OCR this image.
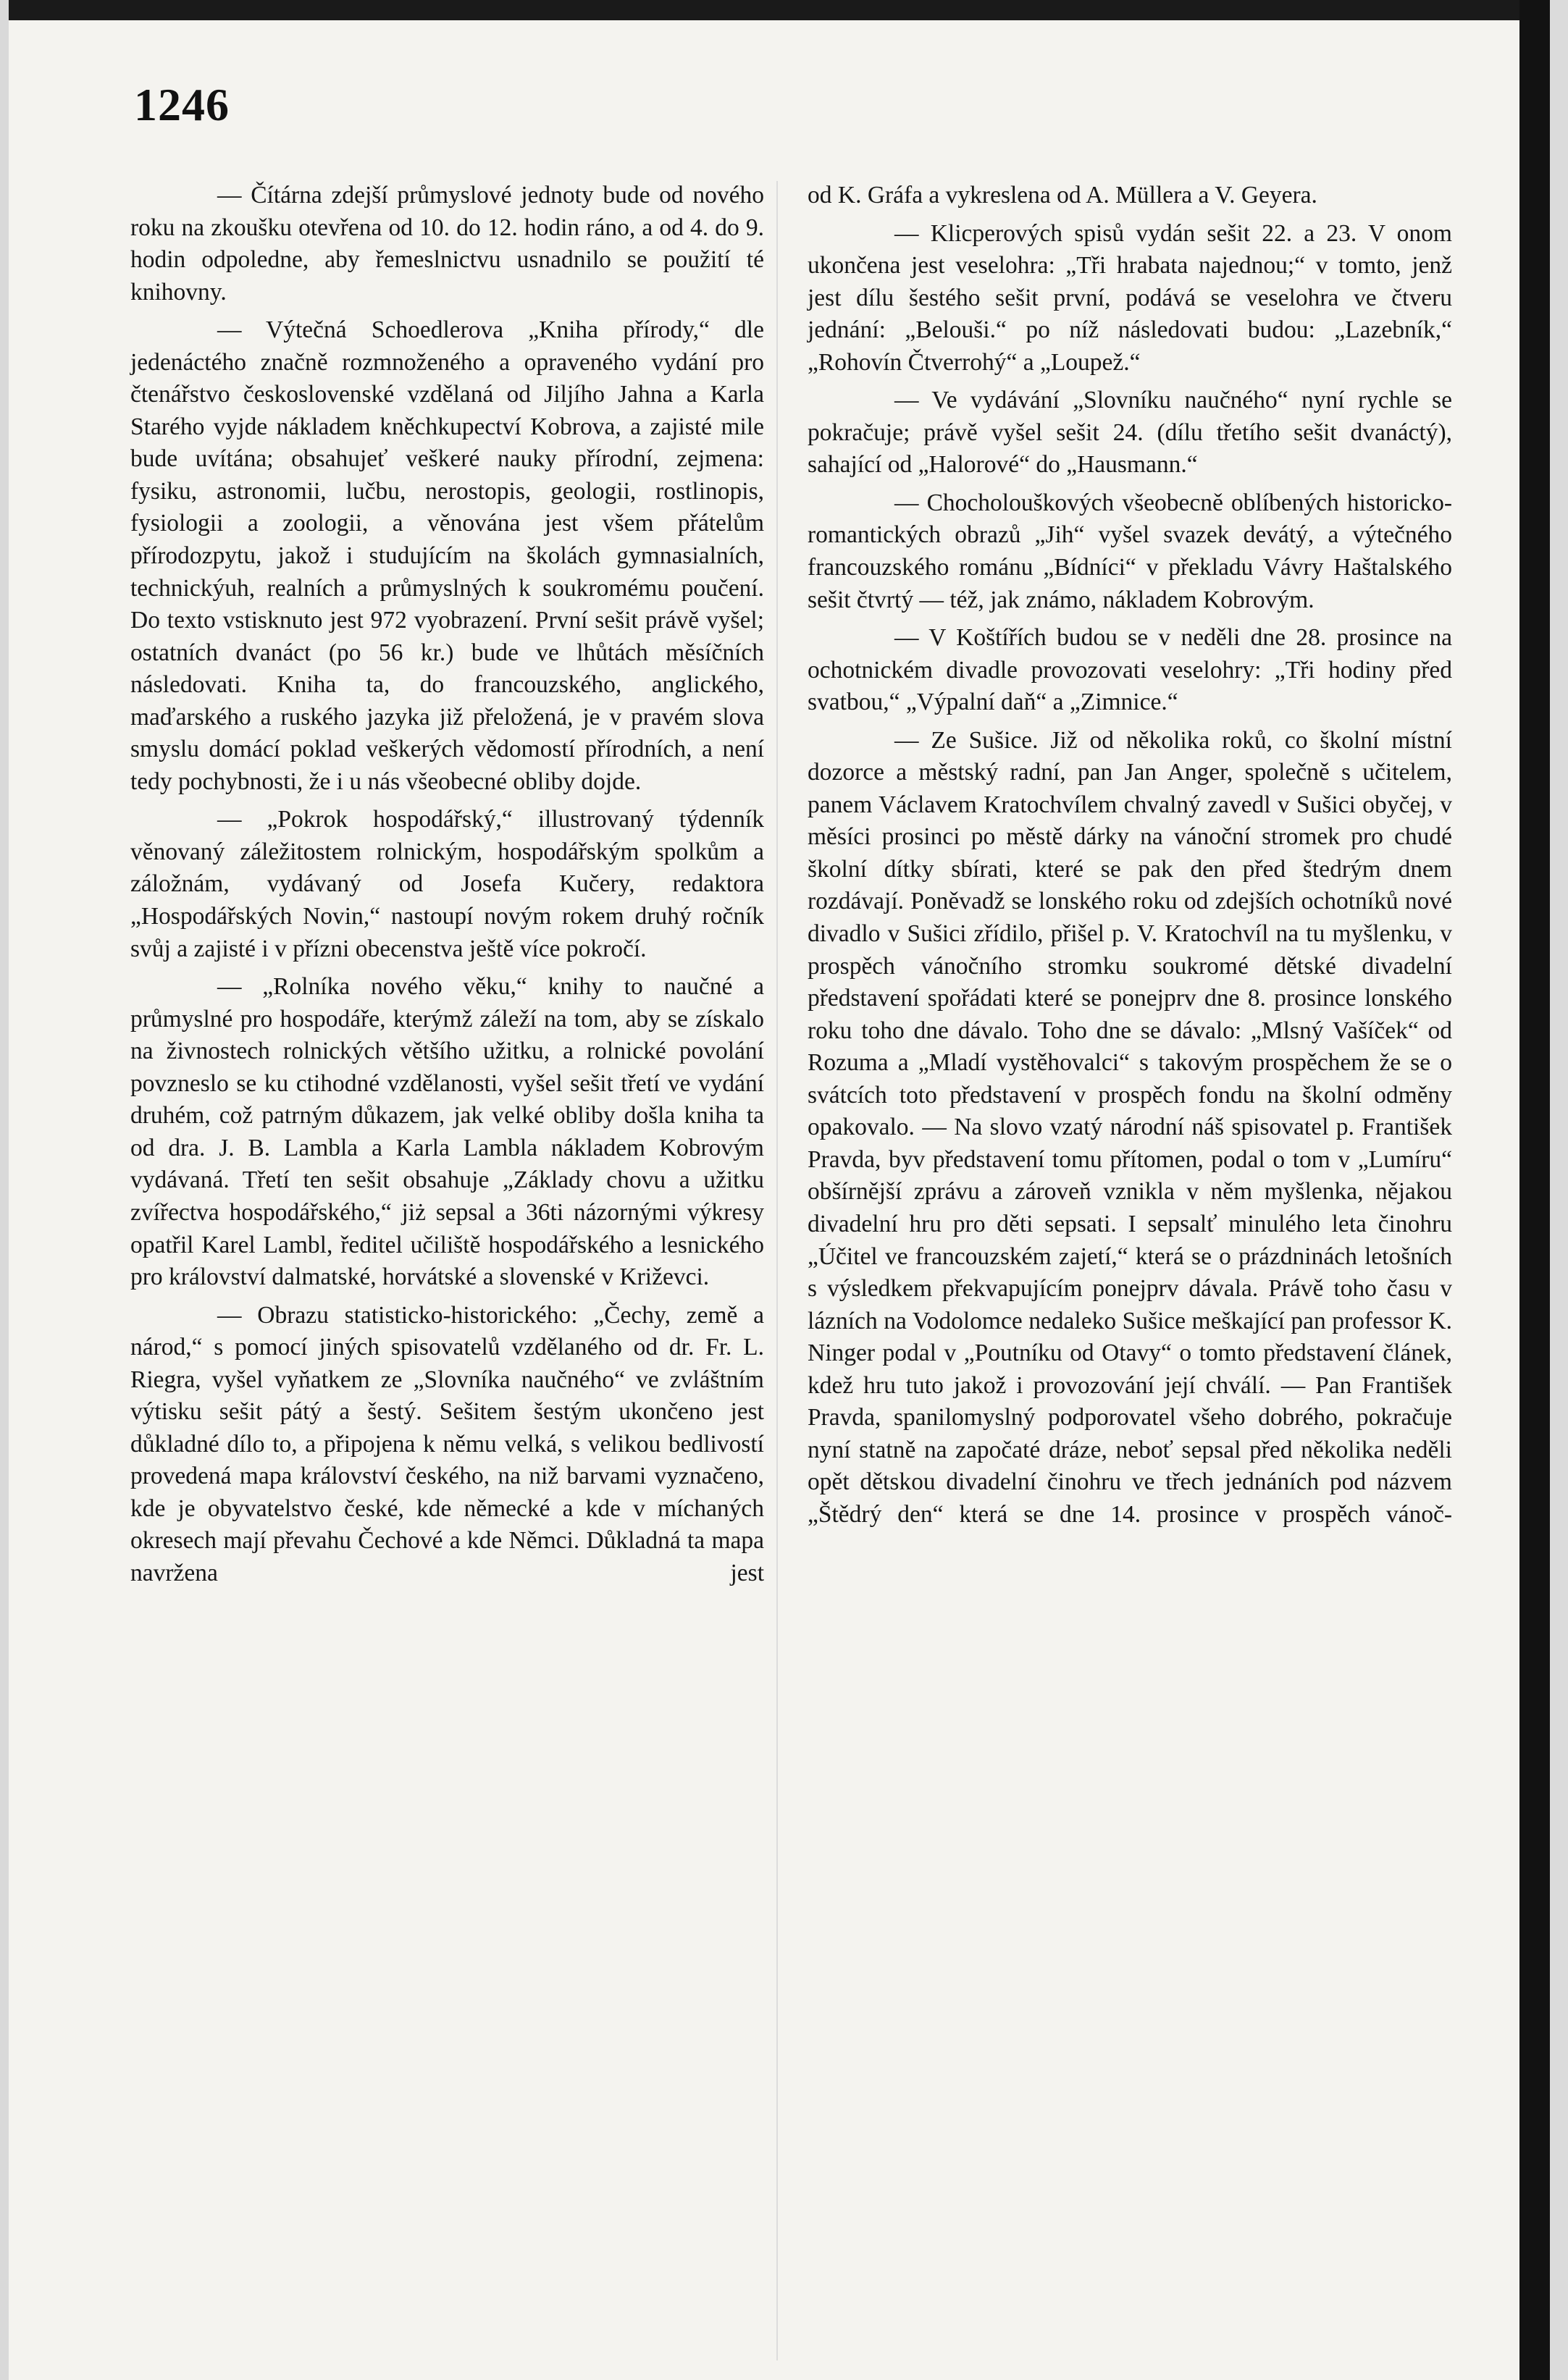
1246

— Čítárna zdejší průmyslové jednoty bude od nového roku na zkoušku otevřena od 10. do 12. hodin ráno, a od 4. do 9. hodin odpoledne, aby řemeslnictvu usnadnilo se použití té knihovny.

— Výtečná Schoedlerova „Kniha přírody,“ dle jedenáctého značně rozmnoženého a opraveného vydání pro čtenářstvo československé vzdělaná od Jiljího Jahna a Karla Starého vyjde nákladem kněchkupectví Kobrova, a zajisté mile bude uvítána; obsahujeť veškeré nauky přírodní, zejmena: fysiku, astronomii, lučbu, nerostopis, geologii, rostlinopis, fysiologii a zoologii, a věnována jest všem přátelům přírodozpytu, jakož i studujícím na školách gymnasialních, technickýuh, realních a průmyslných k soukromému poučení. Do texto vstisknuto jest 972 vyobrazení. První sešit právě vyšel; ostatních dvanáct (po 56 kr.) bude ve lhůtách měsíčních následovati. Kniha ta, do francouzského, anglického, maďarského a ruského jazyka již přeložená, je v pravém slova smyslu domácí poklad veškerých vědomostí přírodních, a není tedy pochybnosti, že i u nás všeobecné obliby dojde.

— „Pokrok hospodářský,“ illustrovaný týdenník věnovaný záležitostem rolnickým, hospodářským spolkům a záložnám, vydávaný od Josefa Kučery, redaktora „Hospodářských Novin,“ nastoupí novým rokem druhý ročník svůj a zajisté i v přízni obecenstva ještě více pokročí.

— „Rolníka nového věku,“ knihy to naučné a průmyslné pro hospodáře, kterýmž záleží na tom, aby se získalo na živnostech rolnických většího užitku, a rolnické povolání povzneslo se ku ctihodné vzdělanosti, vyšel sešit třetí ve vydání druhém, což patrným důkazem, jak velké obliby došla kniha ta od dra. J. B. Lambla a Karla Lambla nákladem Kobrovým vydávaná. Třetí ten sešit obsahuje „Základy chovu a užitku zvířectva hospodářského,“ jiż sepsal a 36ti názornými výkresy opatřil Karel Lambl, ředitel učiliště hospodářského a lesnického pro království dalmatské, horvátské a slovenské v Križevci.

— Obrazu statisticko-historického: „Čechy, země a národ,“ s pomocí jiných spisovatelů vzdělaného od dr. Fr. L. Riegra, vyšel vyňatkem ze „Slovníka naučného“ ve zvláštním výtisku sešit pátý a šestý. Sešitem šestým ukončeno jest důkladné dílo to, a připojena k němu velká, s velikou bedlivostí provedená mapa království českého, na niž barvami vyznačeno, kde je obyvatelstvo české, kde německé a kde v míchaných okresech mají převahu Čechové a kde Němci. Důkladná ta mapa navržena jest

od K. Gráfa a vykreslena od A. Müllera a V. Geyera.

— Klicperových spisů vydán sešit 22. a 23. V onom ukončena jest veselohra: „Tři hrabata najednou;“ v tomto, jenž jest dílu šestého sešit první, podává se veselohra ve čtveru jednání: „Belouši.“ po níž následovati budou: „Lazebník,“ „Rohovín Čtverrohý“ a „Loupež.“

— Ve vydávání „Slovníku naučného“ nyní rychle se pokračuje; právě vyšel sešit 24. (dílu třetího sešit dvanáctý), sahající od „Halorové“ do „Hausmann.“

— Chocholouškových všeobecně oblíbených historicko-romantických obrazů „Jih“ vyšel svazek devátý, a výtečného francouzského románu „Bídníci“ v překladu Vávry Haštalského sešit čtvrtý — též, jak známo, nákladem Kobrovým.

— V Koštířích budou se v neděli dne 28. prosince na ochotnickém divadle provozovati veselohry: „Tři hodiny před svatbou,“ „Výpalní daň“ a „Zimnice.“

— Ze Sušice. Již od několika roků, co školní místní dozorce a městský radní, pan Jan Anger, společně s učitelem, panem Václavem Kratochvílem chvalný zavedl v Sušici obyčej, v měsíci prosinci po městě dárky na vánoční stromek pro chudé školní dítky sbírati, které se pak den před štedrým dnem rozdávají. Poněvadž se lonského roku od zdejších ochotníků nové divadlo v Sušici zřídilo, přišel p. V. Kratochvíl na tu myšlenku, v prospěch vánočního stromku soukromé dětské divadelní představení spořádati které se ponejprv dne 8. prosince lonského roku toho dne dávalo. Toho dne se dávalo: „Mlsný Vašíček“ od Rozuma a „Mladí vystěhovalci“ s takovým prospěchem že se o svátcích toto představení v prospěch fondu na školní odměny opakovalo. — Na slovo vzatý národní náš spisovatel p. František Pravda, byv představení tomu přítomen, podal o tom v „Lumíru“ obšírnější zprávu a zároveň vznikla v něm myšlenka, nějakou divadelní hru pro děti sepsati. I sepsalť minulého leta činohru „Účitel ve francouzském zajetí,“ která se o prázdninách letošních s výsledkem překvapujícím ponejprv dávala. Právě toho času v lázních na Vodolomce nedaleko Sušice meškající pan professor K. Ninger podal v „Poutníku od Otavy“ o tomto představení článek, kdež hru tuto jakož i provozování její chválí. — Pan František Pravda, spanilomyslný podporovatel všeho dobrého, pokračuje nyní statně na započaté dráze, neboť sepsal před několika neděli opět dětskou divadelní činohru ve třech jednáních pod názvem „Štědrý den“ která se dne 14. prosince v prospěch vánoč-
